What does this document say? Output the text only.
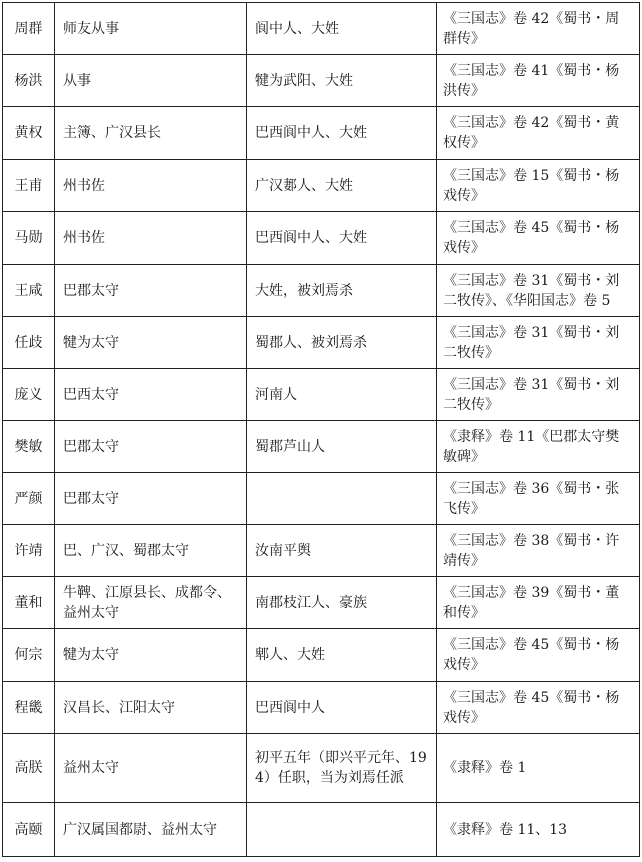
周群	师友从事	阆中人、大姓	《三国志》卷 42《蜀书・周群传》
杨洪	从事	犍为武阳、大姓	《三国志》卷 41《蜀书・杨洪传》
黄权	主簿、广汉县长	巴西阆中人、大姓	《三国志》卷 42《蜀书・黄权传》
王甫	州书佐	广汉郪人、大姓	《三国志》卷 15《蜀书・杨戏传》
马勋	州书佐	巴西阆中人、大姓	《三国志》卷 45《蜀书・杨戏传》
王咸	巴郡太守	大姓，被刘焉杀	《三国志》卷 31《蜀书・刘二牧传》、《华阳国志》卷 5
任歧	犍为太守	蜀郡人、被刘焉杀	《三国志》卷 31《蜀书・刘二牧传》
庞义	巴西太守	河南人	《三国志》卷 31《蜀书・刘二牧传》
樊敏	巴郡太守	蜀郡芦山人	《隶释》卷 11《巴郡太守樊敏碑》
严颜	巴郡太守		《三国志》卷 36《蜀书・张飞传》
许靖	巴、广汉、蜀郡太守	汝南平舆	《三国志》卷 38《蜀书・许靖传》
董和	牛鞞、江原县长、成都令、益州太守	南郡枝江人、豪族	《三国志》卷 39《蜀书・董和传》
何宗	犍为太守	郫人、大姓	《三国志》卷 45《蜀书・杨戏传》
程畿	汉昌长、江阳太守	巴西阆中人	《三国志》卷 45《蜀书・杨戏传》
高朕	益州太守	初平五年（即兴平元年、194）任职，当为刘焉任派	《隶释》卷 1
高颐	广汉属国都尉、益州太守		《隶释》卷 11、13
